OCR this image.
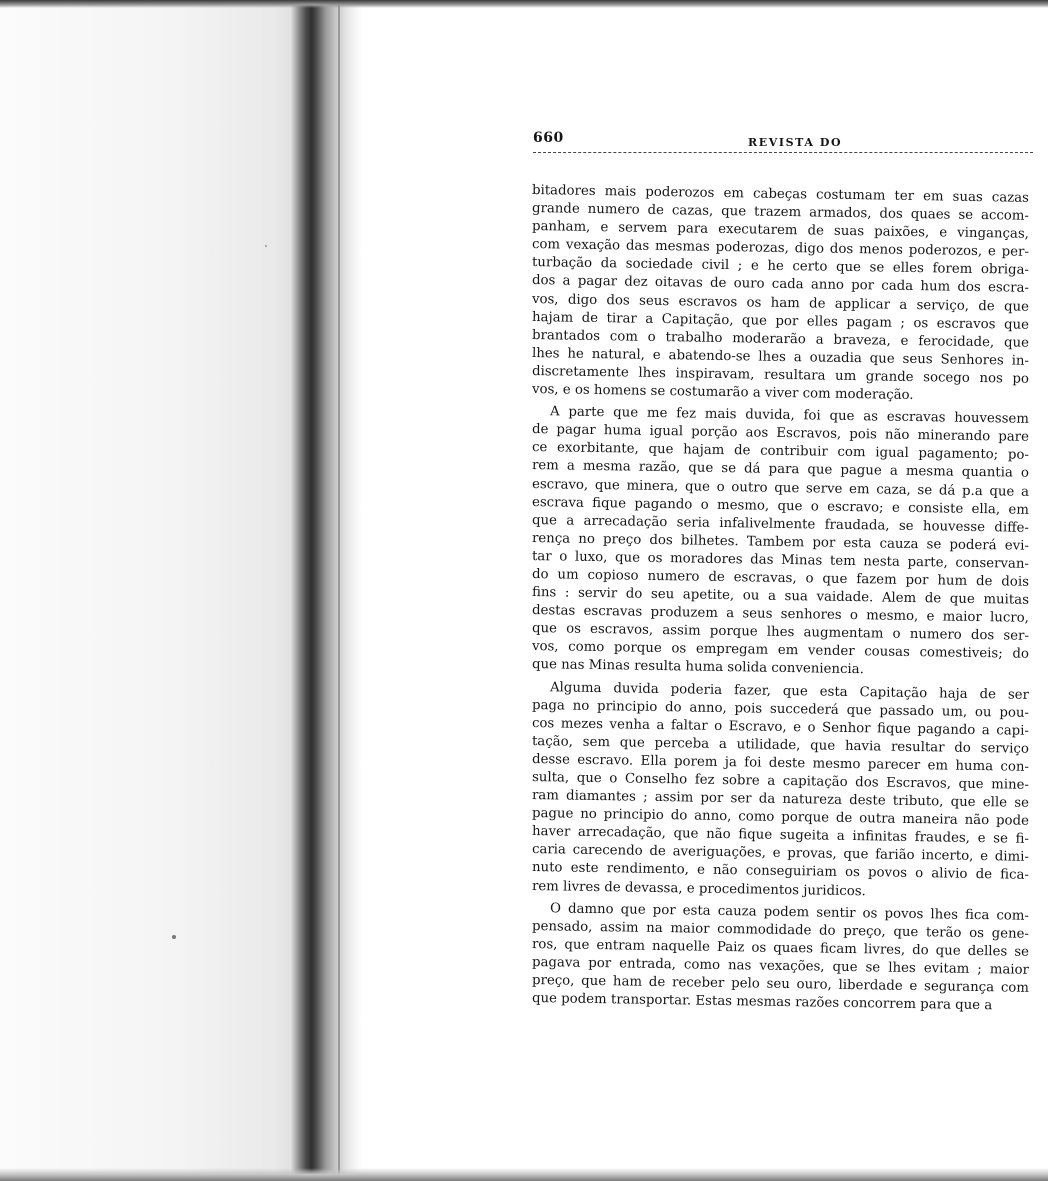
660	REVISTA DO
bitadores mais poderozos em cabeças costumam ter em suas cazas
grande numero de cazas, que trazem armados, dos quaes se accom-
panham, e servem para executarem de suas paixões, e vinganças,
com vexação das mesmas poderozas, digo dos menos poderozos, e per-
turbação da sociedade civil ; e he certo que se elles forem obriga-
dos a pagar dez oitavas de ouro cada anno por cada hum dos escra-
vos, digo dos seus escravos os ham de applicar a serviço, de que
hajam de tirar a Capitação, que por elles pagam ; os escravos que
brantados com o trabalho moderarão a braveza, e ferocidade, que
lhes he natural, e abatendo-se lhes a ouzadia que seus Senhores in-
discretamente lhes inspiravam, resultara um grande socego nos po
vos, e os homens se costumarão a viver com moderação.
A parte que me fez mais duvida, foi que as escravas houvessem
de pagar huma igual porção aos Escravos, pois não minerando pare
ce exorbitante, que hajam de contribuir com igual pagamento; po-
rem a mesma razão, que se dá para que pague a mesma quantia o
escravo, que minera, que o outro que serve em caza, se dá p.a que a
escrava fique pagando o mesmo, que o escravo; e consiste ella, em
que a arrecadação seria infalivelmente fraudada, se houvesse diffe-
rença no preço dos bilhetes. Tambem por esta cauza se poderá evi-
tar o luxo, que os moradores das Minas tem nesta parte, conservan-
do um copioso numero de escravas, o que fazem por hum de dois
fins : servir do seu apetite, ou a sua vaidade. Alem de que muitas
destas escravas produzem a seus senhores o mesmo, e maior lucro,
que os escravos, assim porque lhes augmentam o numero dos ser-
vos, como porque os empregam em vender cousas comestiveis; do
que nas Minas resulta huma solida conveniencia.
Alguma duvida poderia fazer, que esta Capitação haja de ser
paga no principio do anno, pois succederá que passado um, ou pou-
cos mezes venha a faltar o Escravo, e o Senhor fique pagando a capi-
tação, sem que perceba a utilidade, que havia resultar do serviço
desse escravo. Ella porem ja foi deste mesmo parecer em huma con-
sulta, que o Conselho fez sobre a capitação dos Escravos, que mine-
ram diamantes ; assim por ser da natureza deste tributo, que elle se
pague no principio do anno, como porque de outra maneira não pode
haver arrecadação, que não fique sugeita a infinitas fraudes, e se fi-
caria carecendo de averiguações, e provas, que farião incerto, e dimi-
nuto este rendimento, e não conseguiriam os povos o alivio de fica-
rem livres de devassa, e procedimentos juridicos.
O damno que por esta cauza podem sentir os povos lhes fica com-
pensado, assim na maior commodidade do preço, que terão os gene-
ros, que entram naquelle Paiz os quaes ficam livres, do que delles se
pagava por entrada, como nas vexações, que se lhes evitam ; maior
preço, que ham de receber pelo seu ouro, liberdade e segurança com
que podem transportar. Estas mesmas razões concorrem para que a
